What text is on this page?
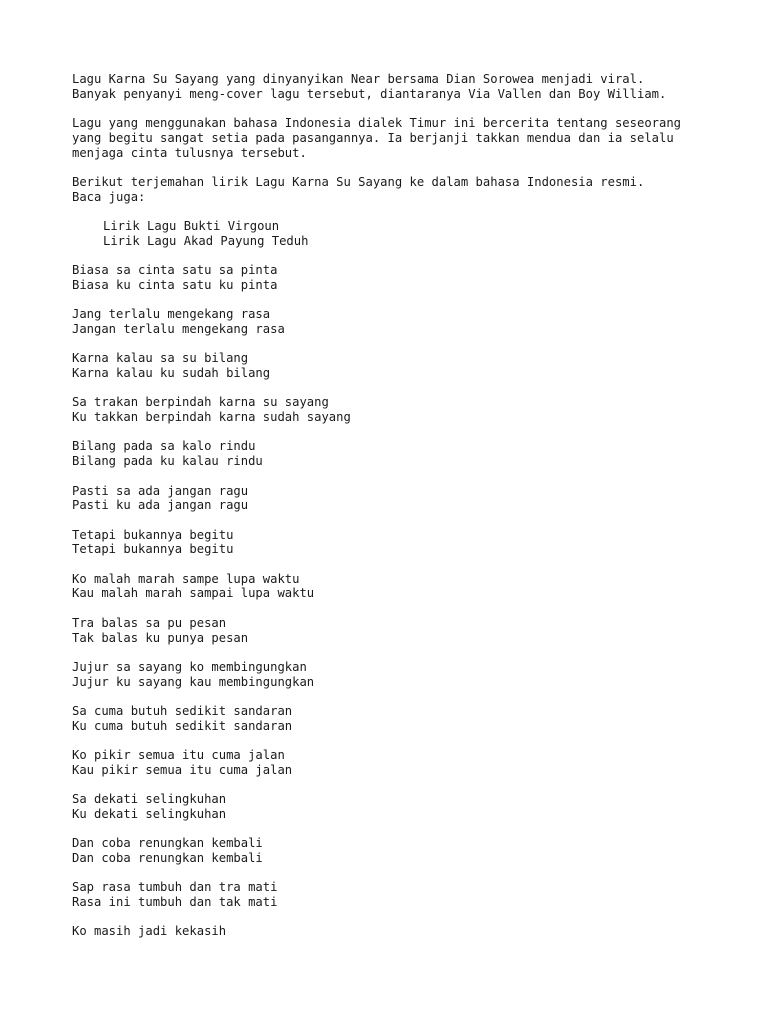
Lagu Karna Su Sayang yang dinyanyikan Near bersama Dian Sorowea menjadi viral.
Banyak penyanyi meng-cover lagu tersebut, diantaranya Via Vallen dan Boy William.
Lagu yang menggunakan bahasa Indonesia dialek Timur ini bercerita tentang seseorang
yang begitu sangat setia pada pasangannya. Ia berjanji takkan mendua dan ia selalu
menjaga cinta tulusnya tersebut.
Berikut terjemahan lirik Lagu Karna Su Sayang ke dalam bahasa Indonesia resmi.
Baca juga:
Lirik Lagu Bukti Virgoun
Lirik Lagu Akad Payung Teduh
Biasa sa cinta satu sa pinta
Biasa ku cinta satu ku pinta
Jang terlalu mengekang rasa
Jangan terlalu mengekang rasa
Karna kalau sa su bilang
Karna kalau ku sudah bilang
Sa trakan berpindah karna su sayang
Ku takkan berpindah karna sudah sayang
Bilang pada sa kalo rindu
Bilang pada ku kalau rindu
Pasti sa ada jangan ragu
Pasti ku ada jangan ragu
Tetapi bukannya begitu
Tetapi bukannya begitu
Ko malah marah sampe lupa waktu
Kau malah marah sampai lupa waktu
Tra balas sa pu pesan
Tak balas ku punya pesan
Jujur sa sayang ko membingungkan
Jujur ku sayang kau membingungkan
Sa cuma butuh sedikit sandaran
Ku cuma butuh sedikit sandaran
Ko pikir semua itu cuma jalan
Kau pikir semua itu cuma jalan
Sa dekati selingkuhan
Ku dekati selingkuhan
Dan coba renungkan kembali
Dan coba renungkan kembali
Sap rasa tumbuh dan tra mati
Rasa ini tumbuh dan tak mati
Ko masih jadi kekasih
